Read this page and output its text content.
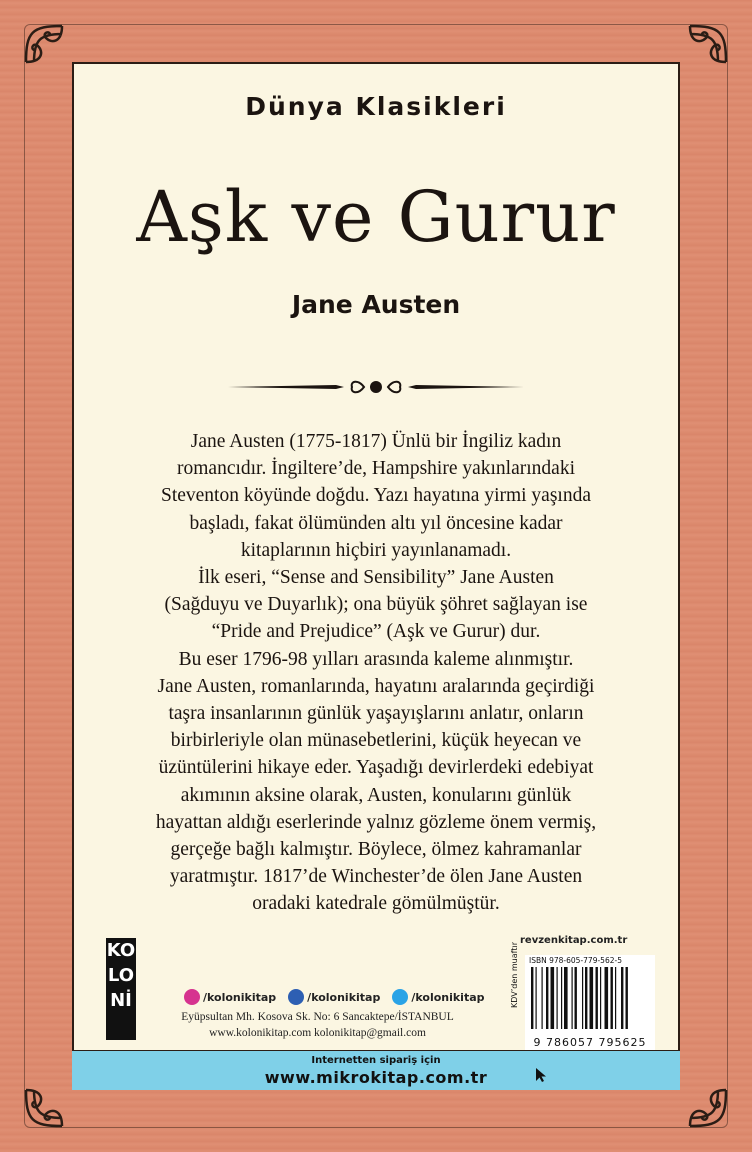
Dünya Klasikleri
Aşk ve Gurur
Jane Austen

Jane Austen (1775-1817) Ünlü bir İngiliz kadın

romancıdır. İngiltere’de, Hampshire yakınlarındaki

Steventon köyünde doğdu. Yazı hayatına yirmi yaşında

başladı, fakat ölümünden altı yıl öncesine kadar

kitaplarının hiçbiri yayınlanamadı.

İlk eseri, “Sense and Sensibility” Jane Austen

(Sağduyu ve Duyarlık); ona büyük şöhret sağlayan ise

“Pride and Prejudice” (Aşk ve Gurur) dur.

Bu eser 1796-98 yılları arasında kaleme alınmıştır.

Jane Austen, romanlarında, hayatını aralarında geçirdiği

taşra insanlarının günlük yaşayışlarını anlatır, onların

birbirleriyle olan münasebetlerini, küçük heyecan ve

üzüntülerini hikaye eder. Yaşadığı devirlerdeki edebiyat

akımının aksine olarak, Austen, konularını günlük

hayattan aldığı eserlerinde yalnız gözleme önem vermiş,

gerçeğe bağlı kalmıştır. Böylece, ölmez kahramanlar

yaratmıştır. 1817’de Winchester’de ölen Jane Austen

oradaki katedrale gömülmüştür.

KO
LO
Nİ	/kolonikitap	/kolonikitap	/kolonikitap
Eyüpsultan Mh. Kosova Sk. No: 6 Sancaktepe/İSTANBUL
www.kolonikitap.com kolonikitap@gmail.com
revzenkitap.com.tr
KDV’den muaftır ISBN 978-605-779-562-5
9 786057 795625
Internetten sipariş için
www.mikrokitap.com.tr
